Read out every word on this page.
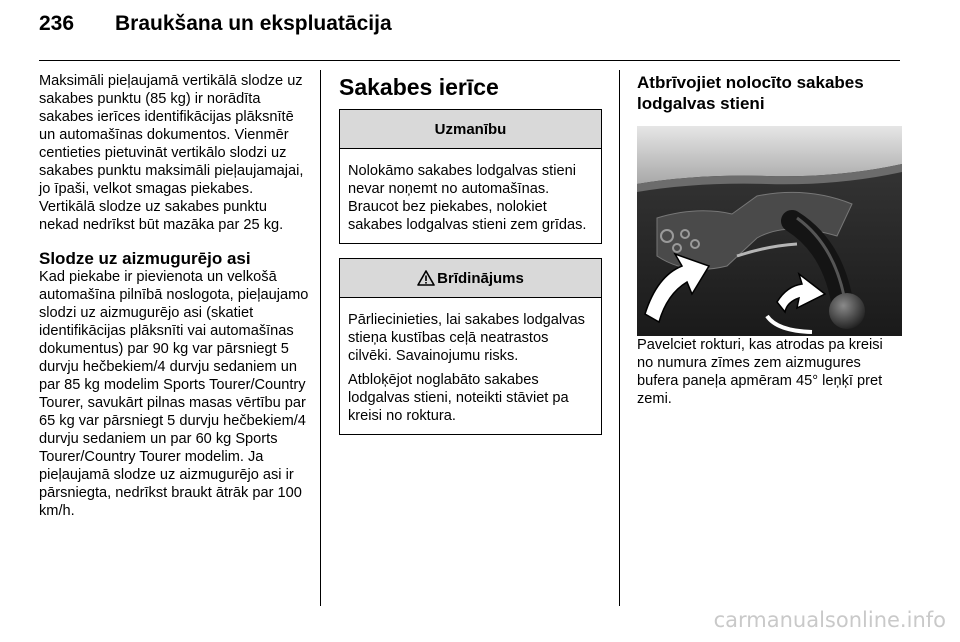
236	Braukšana un ekspluatācija

Maksimāli pieļaujamā vertikālā slodze uz sakabes punktu (85 kg) ir norādīta sakabes ierīces identifikācijas plāksnītē un automašīnas dokumentos. Vienmēr centieties pietuvināt vertikālo slodzi uz sakabes punktu maksimāli pieļaujamajai, jo īpaši, velkot smagas piekabes. Vertikālā slodze uz sakabes punktu nekad nedrīkst būt mazāka par 25 kg.

Slodze uz aizmugurējo asi

Kad piekabe ir pievienota un velkošā automašīna pilnībā noslogota, pieļaujamo slodzi uz aizmugurējo asi (skatiet identifikācijas plāksnīti vai automašīnas dokumentus) par 90 kg var pārsniegt 5 durvju hečbekiem/4 durvju sedaniem un par 85 kg modelim Sports Tourer/Country Tourer, savukārt pilnas masas vērtību par 65 kg var pārsniegt 5 durvju hečbekiem/4 durvju sedaniem un par 60 kg Sports Tourer/Country Tourer modelim. Ja pieļaujamā slodze uz aizmugurējo asi ir pārsniegta, nedrīkst braukt ātrāk par 100 km/h.

Sakabes ierīce
Uzmanību

Nolokāmo sakabes lodgalvas stieni nevar noņemt no automašīnas. Braucot bez piekabes, nolokiet sakabes lodgalvas stieni zem grīdas.

Brīdinājums

Pārliecinieties, lai sakabes lodgalvas stieņa kustības ceļā neatrastos cilvēki. Savainojumu risks.

Atbloķējot noglabāto sakabes lodgalvas stieni, noteikti stāviet pa kreisi no roktura.

Atbrīvojiet nolocīto sakabes lodgalvas stieni

Pavelciet rokturi, kas atrodas pa kreisi no numura zīmes zem aizmugures bufera paneļa apmēram 45° leņķī pret zemi.

carmanualsonline.info
